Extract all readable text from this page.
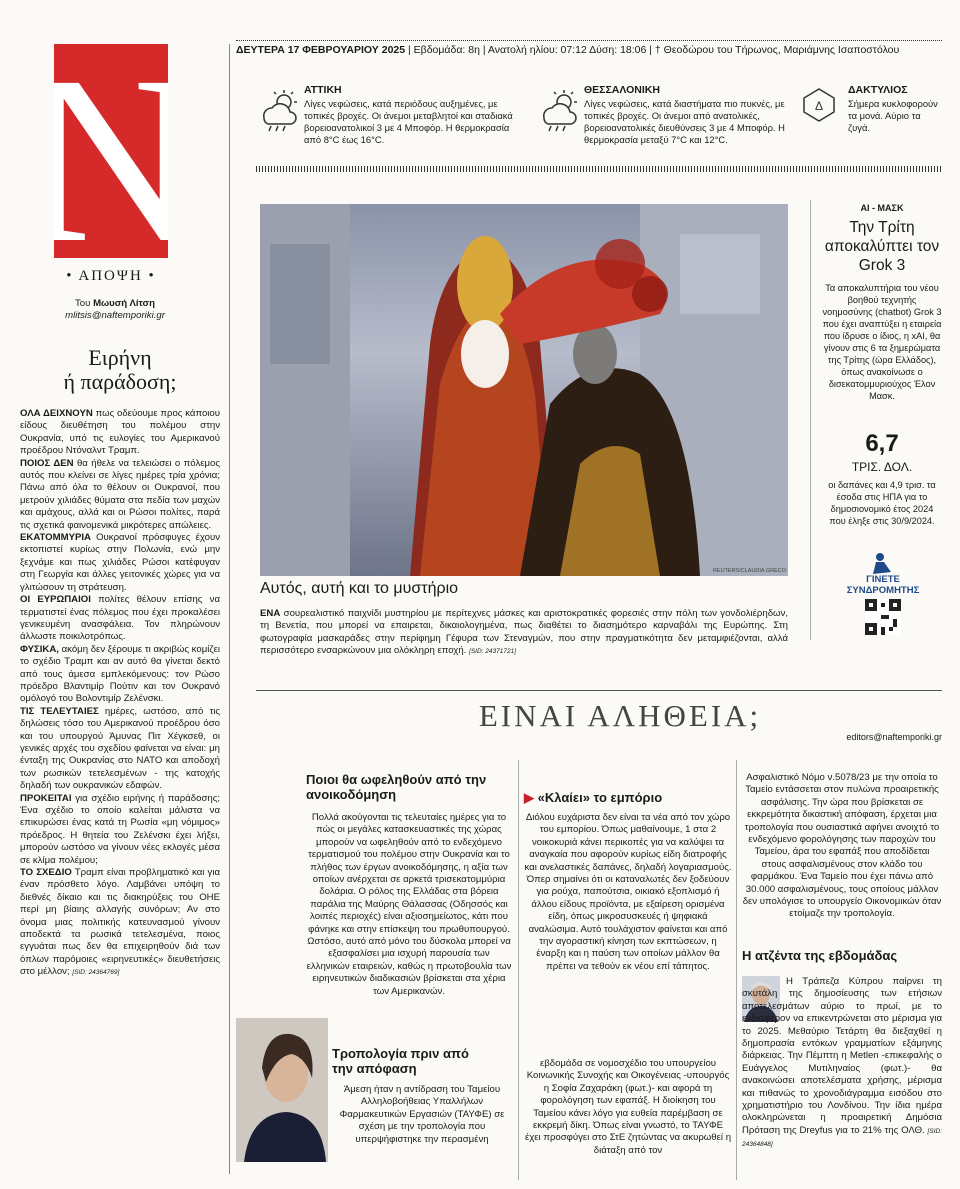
N
• ΑΠΟΨΗ •
Του Μωυσή Λίτση
mlitsis@naftemporiki.gr
Ειρήνη
ή παράδοση;

ΟΛΑ ΔΕΙΧΝΟΥΝ πως οδεύουμε προς κάποιου είδους διευθέτηση του πολέμου στην Ουκρανία, υπό τις ευλογίες του Αμερικανού προέδρου Ντόναλντ Τραμπ.

ΠΟΙΟΣ ΔΕΝ θα ήθελε να τελειώσει ο πόλεμος αυτός που κλείνει σε λίγες ημέρες τρία χρόνια; Πάνω από όλα το θέλουν οι Ουκρανοί, που μετρούν χιλιάδες θύματα στα πεδία των μαχών και αμάχους, αλλά και οι Ρώσοι πολίτες, παρά τις σχετικά φαινομενικά μικρότερες απώλειες.

ΕΚΑΤΟΜΜΥΡΙΑ Ουκρανοί πρόσφυγες έχουν εκτοπιστεί κυρίως στην Πολωνία, ενώ μην ξεχνάμε και πως χιλιάδες Ρώσοι κατέφυγαν στη Γεωργία και άλλες γειτονικές χώρες για να γλιτώσουν τη στράτευση.

ΟΙ ΕΥΡΩΠΑΙΟΙ πολίτες θέλουν επίσης να τερματιστεί ένας πόλεμος που έχει προκαλέσει γενικευμένη ανασφάλεια. Τον πληρώνουν άλλωστε ποικιλοτρόπως.

ΦΥΣΙΚΑ, ακόμη δεν ξέρουμε τι ακριβώς κομίζει το σχέδιο Τραμπ και αν αυτό θα γίνεται δεκτό από τους άμεσα εμπλεκόμενους: τον Ρώσο πρόεδρο Βλαντιμίρ Πούτιν και τον Ουκρανό ομόλογό του Βολοντιμίρ Ζελένσκι.

ΤΙΣ ΤΕΛΕΥΤΑΙΕΣ ημέρες, ωστόσο, από τις δηλώσεις τόσο του Αμερικανού προέδρου όσο και του υπουργού Άμυνας Πιτ Χέγκσεθ, οι γενικές αρχές του σχεδίου φαίνεται να είναι: μη ένταξη της Ουκρανίας στο ΝΑΤΟ και αποδοχή των ρωσικών τετελεσμένων - της κατοχής δηλαδή των ουκρανικών εδαφών.

ΠΡΟΚΕΙΤΑΙ για σχέδιο ειρήνης ή παράδοσης; Ένα σχέδιο το οποίο καλείται μάλιστα να επικυρώσει ένας κατά τη Ρωσία «μη νόμιμος» πρόεδρος. Η θητεία του Ζελένσκι έχει λήξει, μπορούν ωστόσο να γίνουν νέες εκλογές μέσα σε κλίμα πολέμου;

ΤΟ ΣΧΕΔΙΟ Τραμπ είναι προβληματικό και για έναν πρόσθετο λόγο. Λαμβάνει υπόψη το διεθνές δίκαιο και τις διακηρύξεις του ΟΗΕ περί μη βίαιης αλλαγής συνόρων; Αν στο όνομα μιας πολιτικής κατευνασμού γίνουν αποδεκτά τα ρωσικά τετελεσμένα, ποιος εγγυάται πως δεν θα επιχειρηθούν διά των όπλων παρόμοιες «ειρηνευτικές» διευθετήσεις στο μέλλον; [SID: 24364769]

ΔΕΥΤΕΡΑ 17 ΦΕΒΡΟΥΑΡΙΟΥ 2025 | Εβδομάδα: 8η | Ανατολή ηλίου: 07:12 Δύση: 18:06 | † Θεοδώρου του Τήρωνος, Μαριάμνης Ισαποστόλου
ΑΤΤΙΚΗ
Λίγες νεφώσεις, κατά περιόδους αυξημένες, με τοπικές βροχές. Οι άνεμοι μεταβλητοί και σταδιακά βορειοανατολικοί 3 με 4 Μποφόρ. Η θερμοκρασία από 8°C έως 16°C.
ΘΕΣΣΑΛΟΝΙΚΗ
Λίγες νεφώσεις, κατά διαστήματα πιο πυκνές, με τοπικές βροχές. Οι άνεμοι από ανατολικές, βορειοανατολικές διευθύνσεις 3 με 4 Μποφόρ. Η θερμοκρασία μεταξύ 7°C και 12°C.
Δ
ΔΑΚΤΥΛΙΟΣ
Σήμερα κυκλοφορούν τα μονά. Αύριο τα ζυγά.
REUTERS/CLAUDIA GRECO
Αυτός, αυτή και το μυστήριο

ΕΝΑ σουρεαλιστικό παιχνίδι μυστηρίου με περίτεχνες μάσκες και αριστοκρατικές φορεσιές στην πόλη των γονδολιέρηδων, τη Βενετία, που μπορεί να επαιρεται, δικαιολογημένα, πως διαθέτει το διασημότερο καρναβάλι της Ευρώπης. Στη φωτογραφία μασκαράδες στην περίφημη Γέφυρα των Στεναγμών, που στην πραγματικότητα δεν μεταμφιέζονται, αλλά περισσότερο ενσαρκώνουν μια ολόκληρη εποχή. [SID: 24371721]

ΑΙ - ΜΑΣΚ
Την Τρίτη αποκαλύπτει τον Grok 3
Τα αποκαλυπτήρια του νέου βοηθού τεχνητής νοημοσύνης (chatbot) Grok 3 που έχει αναπτύξει η εταιρεία που ίδρυσε ο ίδιος, η xAI, θα γίνουν στις 6 τα ξημερώματα της Τρίτης (ώρα Ελλάδος), όπως ανακοίνωσε ο δισεκατομμυριούχος Έλον Μασκ.
6,7
ΤΡΙΣ. ΔΟΛ.
οι δαπάνες και 4,9 τρισ. τα έσοδα στις ΗΠΑ για το δημοσιονομικό έτος 2024 που έληξε στις 30/9/2024.
ΓΙΝΕΤΕ ΣΥΝΔΡΟΜΗΤΗΣ
ΕΙΝΑΙ ΑΛΗΘΕΙΑ;
editors@naftemporiki.gr
Ποιοι θα ωφεληθούν από την ανοικοδόμηση

Πολλά ακούγονται τις τελευταίες ημέρες για το πώς οι μεγάλες κατασκευαστικές της χώρας μπορούν να ωφεληθούν από το ενδεχόμενο τερματισμού του πολέμου στην Ουκρανία και το πλήθος των έργων ανοικοδόμησης, η αξία των οποίων ανέρχεται σε αρκετά τρισεκατομμύρια δολάρια. Ο ρόλος της Ελλάδας στα βόρεια παράλια της Μαύρης Θάλασσας (Οδησσός και λοιπές περιοχές) είναι αξιοσημείωτος, κάτι που φάνηκε και στην επίσκεψη του πρωθυπουργού. Ωστόσο, αυτό από μόνο του δύσκολα μπορεί να εξασφαλίσει μια ισχυρή παρουσία των ελληνικών εταιρειών, καθώς η πρωτοβουλία των ειρηνευτικών διαδικασιών βρίσκεται στα χέρια των Αμερικανών.

Τροπολογία πριν από την απόφαση

Άμεση ήταν η αντίδραση του Ταμείου Αλληλοβοήθειας Υπαλλήλων Φαρμακευτικών Εργασιών (ΤΑΥΦΕ) σε σχέση με την τροπολογία που υπερψήφιστηκε την περασμένη

▶ «Κλαίει» το εμπόριο

Διόλου ευχάριστα δεν είναι τα νέα από τον χώρο του εμπορίου. Όπως μαθαίνουμε, 1 στα 2 νοικοκυριά κάνει περικοπές για να καλύψει τα αναγκαία που αφορούν κυρίως είδη διατροφής και ανελαστικές δαπάνες, δηλαδή λογαριασμούς. Όπερ σημαίνει ότι οι καταναλωτές δεν ξοδεύουν για ρούχα, παπούτσια, οικιακό εξοπλισμό ή άλλου είδους προϊόντα, με εξαίρεση ορισμένα είδη, όπως μικροσυσκευές ή ψηφιακά αναλώσιμα. Αυτό τουλάχιστον φαίνεται και από την αγοραστική κίνηση των εκπτώσεων, η έναρξη και η παύση των οποίων μάλλον θα πρέπει να τεθούν εκ νέου επί τάπητος.

εβδομάδα σε νομοσχέδιο του υπουργείου Κοινωνικής Συνοχής και Οικογένειας -υπουργός η Σοφία Ζαχαράκη (φωτ.)- και αφορά τη φορολόγηση των εφαπάξ. Η διοίκηση του Ταμείου κάνει λόγο για ευθεία παρέμβαση σε εκκρεμή δίκη. Όπως είναι γνωστό, το ΤΑΥΦΕ έχει προσφύγει στο ΣτΕ ζητώντας να ακυρωθεί η διάταξη από τον

Ασφαλιστικό Νόμο ν.5078/23 με την οποία το Ταμείο εντάσσεται στον πυλώνα προαιρετικής ασφάλισης. Την ώρα που βρίσκεται σε εκκρεμότητα δικαστική απόφαση, έρχεται μια τροπολογία που ουσιαστικά αφήνει ανοιχτό το ενδεχόμενο φορολόγησης των παροχών του Ταμείου, άρα του εφαπάξ που αποδίδεται στους ασφαλισμένους στον κλάδο του φαρμάκου. Ένα Ταμείο που έχει πάνω από 30.000 ασφαλισμένους, τους οποίους μάλλον δεν υπολόγισε το υπουργείο Οικονομικών όταν ετοίμαζε την τροπολογία.

Η ατζέντα της εβδομάδας

Η Τράπεζα Κύπρου παίρνει τη σκυτάλη της δημοσίευσης των ετήσιων αποτελεσμάτων αύριο το πρωί, με το ενδιαφέρον να επικεντρώνεται στο μέρισμα για το 2025. Μεθαύριο Τετάρτη θα διεξαχθεί η δημοπρασία εντόκων γραμματίων εξάμηνης διάρκειας. Την Πέμπτη η Metlen -επικεφαλής ο Ευάγγελος Μυτιληναίος (φωτ.)- θα ανακοινώσει αποτελέσματα χρήσης, μέρισμα και πιθανώς το χρονοδιάγραμμα εισόδου στο χρηματιστήριο του Λονδίνου. Την ίδια ημέρα ολοκληρώνεται η προαιρετική Δημόσια Πρόταση της Dreyfus για το 21% της ΟΛΘ. [SID: 24364848]
